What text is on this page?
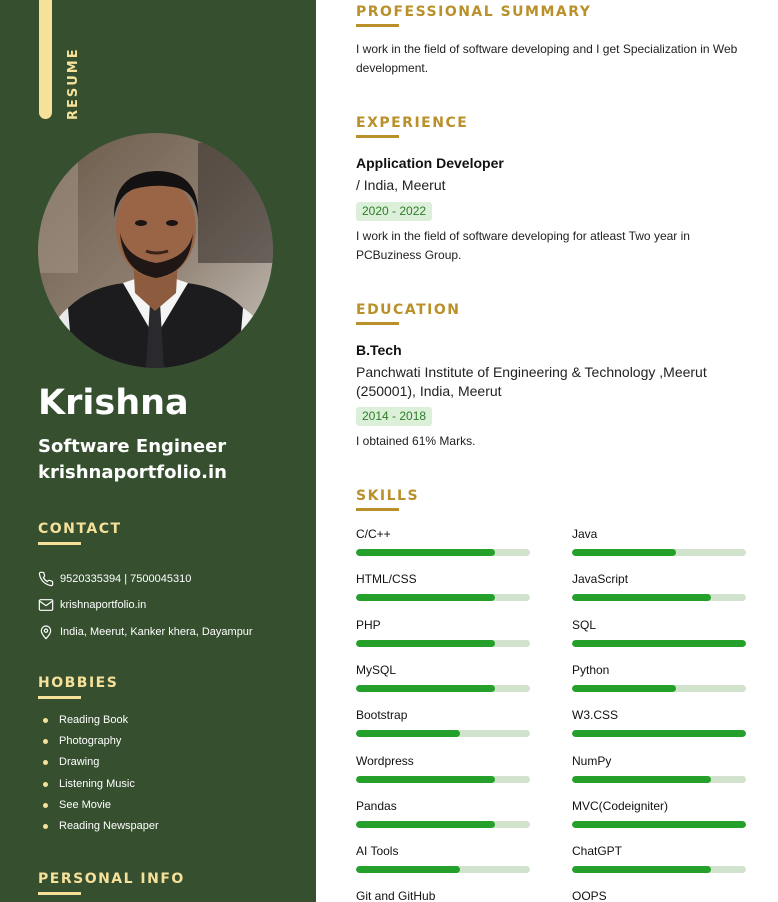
RESUME
Krishna
Software Engineer
krishnaportfolio.in
CONTACT
9520335394 | 7500045310
krishnaportfolio.in
India, Meerut, Kanker khera, Dayampur
HOBBIES
Reading Book
Photography
Drawing
Listening Music
See Movie
Reading Newspaper
PERSONAL INFO
PROFESSIONAL SUMMARY
I work in the field of software developing and I get Specialization in Web development.
EXPERIENCE
Application Developer
/ India, Meerut
2020 - 2022
I work in the field of software developing for atleast Two year in PCBuziness Group.
EDUCATION
B.Tech
Panchwati Institute of Engineering & Technology ,Meerut (250001), India, Meerut
2014 - 2018
I obtained 61% Marks.
SKILLS
C/C++	Java
HTML/CSS	JavaScript
PHP	SQL
MySQL	Python
Bootstrap	W3.CSS
Wordpress	NumPy
Pandas	MVC(Codeigniter)
AI Tools	ChatGPT
Git and GitHub	OOPS
